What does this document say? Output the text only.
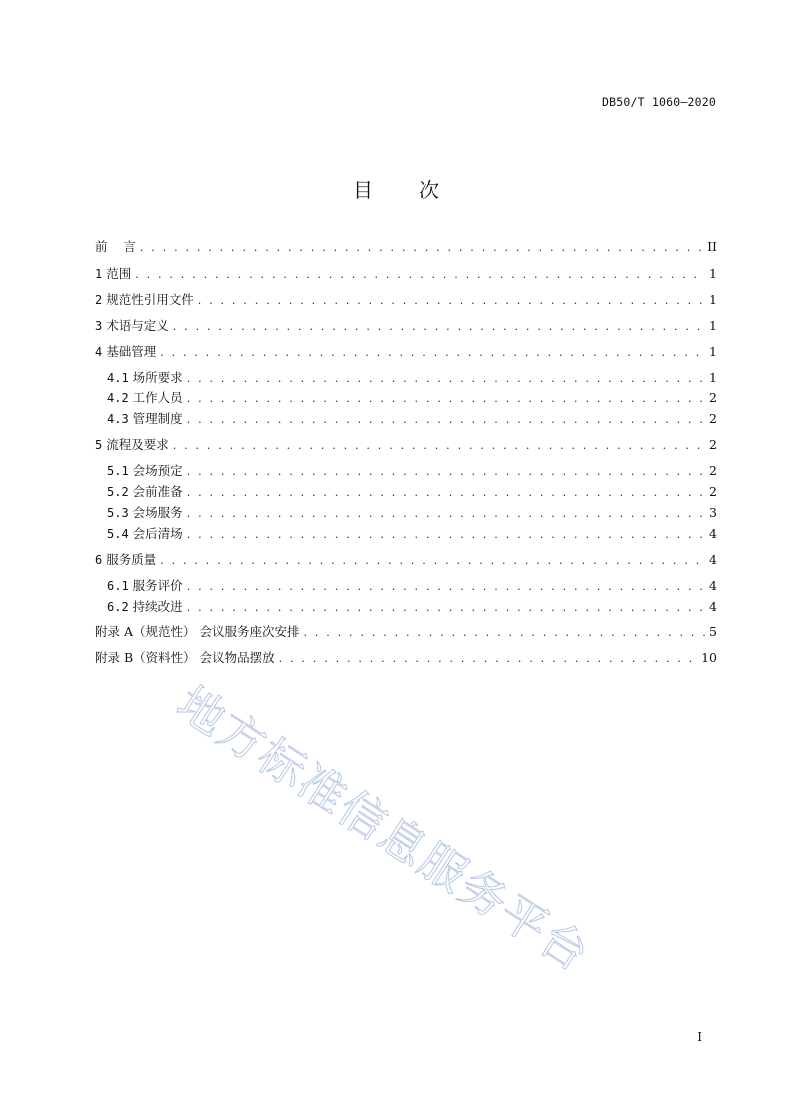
DB50/T 1060—2020
目次
前    言 . . .	II
1 范围 . . .	1
2 规范性引用文件 . . .	1
3 术语与定义 . . .	1
4 基础管理 . . .	1
4.1 场所要求 . . .	1
4.2 工作人员 . . .	2
4.3 管理制度 . . .	2
5 流程及要求 . . .	2
5.1 会场预定 . . .	2
5.2 会前准备 . . .	2
5.3 会场服务 . . .	3
5.4 会后清场 . . .	4
6 服务质量 . . .	4
6.1 服务评价 . . .	4
6.2 持续改进 . . .	4
附录 A（规范性） 会议服务座次安排 . . .	5
附录 B（资料性） 会议物品摆放 . . .	10
地方标准信息服务平台
I
